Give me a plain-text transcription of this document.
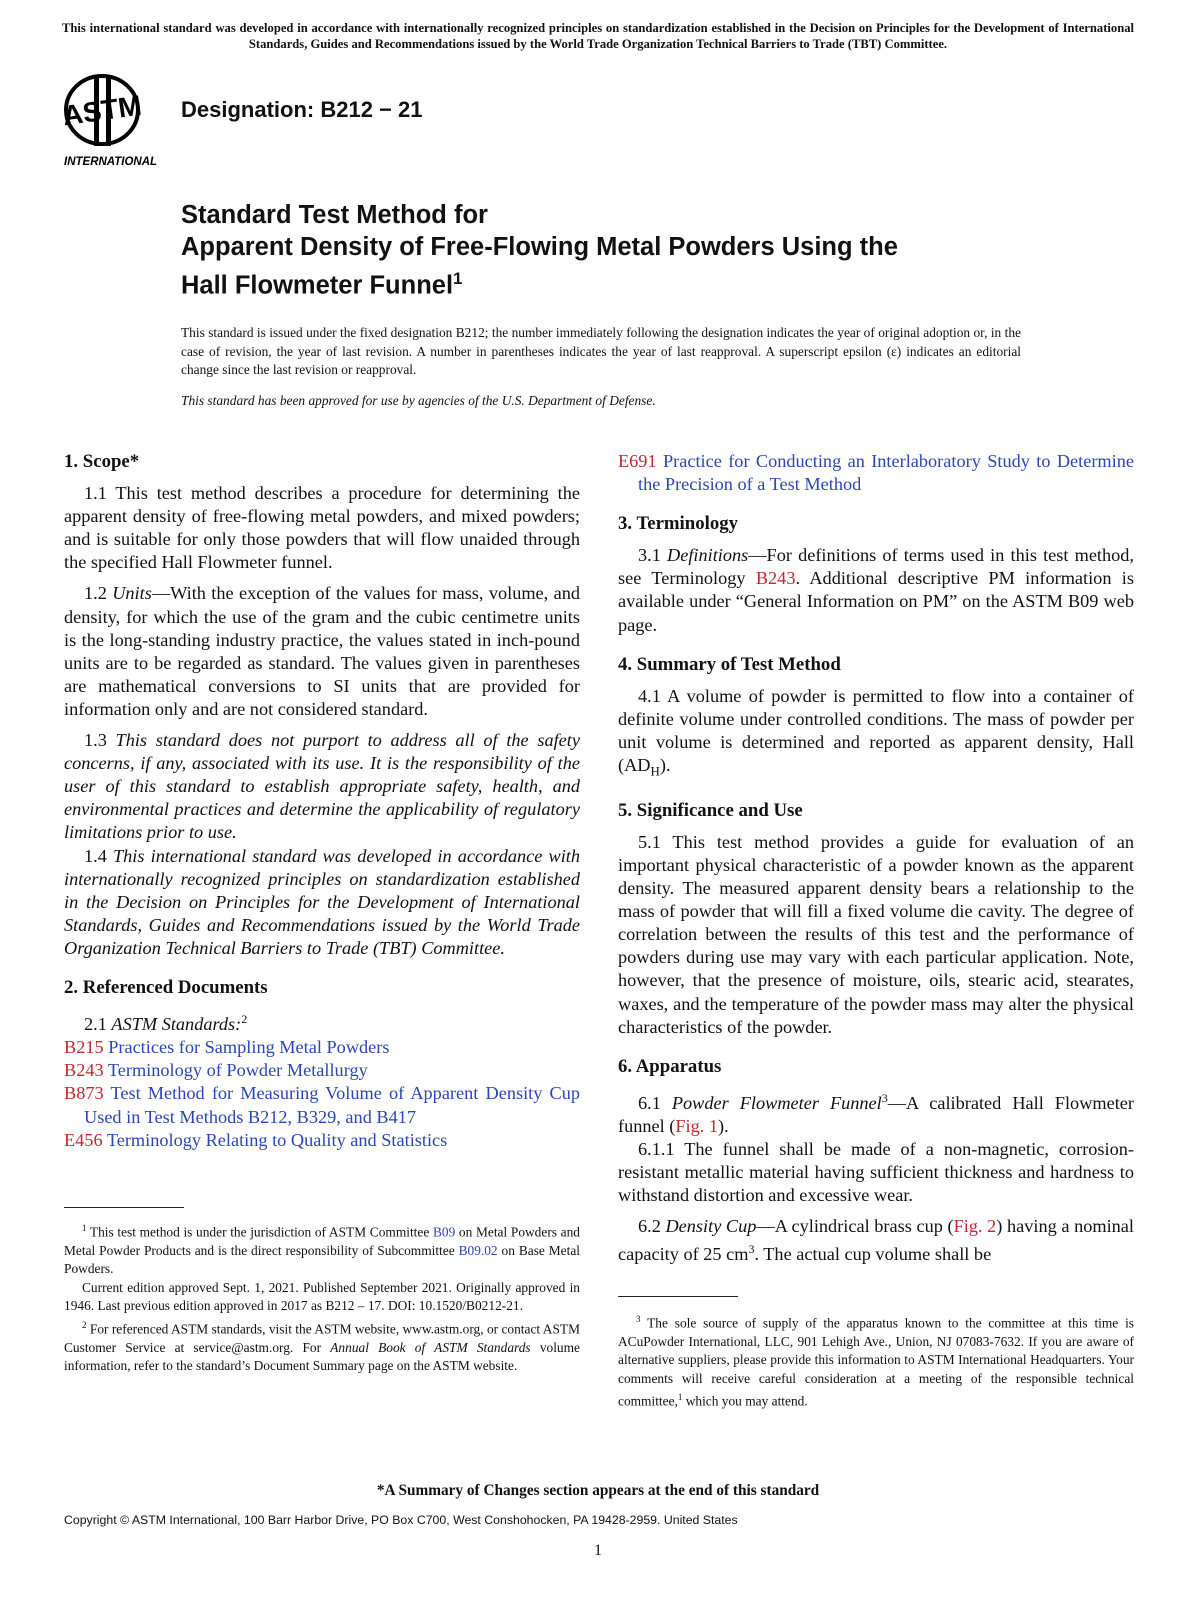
This international standard was developed in accordance with internationally recognized principles on standardization established in the Decision on Principles for the Development of International Standards, Guides and Recommendations issued by the World Trade Organization Technical Barriers to Trade (TBT) Committee.
ASTM
INTERNATIONAL
Designation: B212 − 21
Standard Test Method for
Apparent Density of Free-Flowing Metal Powders Using the
Hall Flowmeter Funnel$^1$

This standard is issued under the fixed designation B212; the number immediately following the designation indicates the year of original adoption or, in the case of revision, the year of last revision. A number in parentheses indicates the year of last reapproval. A superscript epsilon (ε) indicates an editorial change since the last revision or reapproval.

This standard has been approved for use by agencies of the U.S. Department of Defense.

1. Scope*

1.1 This test method describes a procedure for determining the apparent density of free-flowing metal powders, and mixed powders; and is suitable for only those powders that will flow unaided through the specified Hall Flowmeter funnel.

1.2 Units—With the exception of the values for mass, volume, and density, for which the use of the gram and the cubic centimetre units is the long-standing industry practice, the values stated in inch-pound units are to be regarded as standard. The values given in parentheses are mathematical conversions to SI units that are provided for information only and are not considered standard.

1.3 This standard does not purport to address all of the safety concerns, if any, associated with its use. It is the responsibility of the user of this standard to establish appropriate safety, health, and environmental practices and determine the applicability of regulatory limitations prior to use.

1.4 This international standard was developed in accordance with internationally recognized principles on standardization established in the Decision on Principles for the Development of International Standards, Guides and Recommendations issued by the World Trade Organization Technical Barriers to Trade (TBT) Committee.

2. Referenced Documents

2.1 ASTM Standards:$^2$

B215 Practices for Sampling Metal Powders

B243 Terminology of Powder Metallurgy

B873 Test Method for Measuring Volume of Apparent Density Cup Used in Test Methods B212, B329, and B417

E456 Terminology Relating to Quality and Statistics

$^1$ This test method is under the jurisdiction of ASTM Committee B09 on Metal Powders and Metal Powder Products and is the direct responsibility of Subcommittee B09.02 on Base Metal Powders.

Current edition approved Sept. 1, 2021. Published September 2021. Originally approved in 1946. Last previous edition approved in 2017 as B212 – 17. DOI: 10.1520/B0212-21.

$^2$ For referenced ASTM standards, visit the ASTM website, www.astm.org, or contact ASTM Customer Service at service@astm.org. For Annual Book of ASTM Standards volume information, refer to the standard’s Document Summary page on the ASTM website.

E691 Practice for Conducting an Interlaboratory Study to Determine the Precision of a Test Method

3. Terminology

3.1 Definitions—For definitions of terms used in this test method, see Terminology B243. Additional descriptive PM information is available under “General Information on PM” on the ASTM B09 web page.

4. Summary of Test Method

4.1 A volume of powder is permitted to flow into a container of definite volume under controlled conditions. The mass of powder per unit volume is determined and reported as apparent density, Hall $(AD_H)$.

5. Significance and Use

5.1 This test method provides a guide for evaluation of an important physical characteristic of a powder known as the apparent density. The measured apparent density bears a relationship to the mass of powder that will fill a fixed volume die cavity. The degree of correlation between the results of this test and the performance of powders during use may vary with each particular application. Note, however, that the presence of moisture, oils, stearic acid, stearates, waxes, and the temperature of the powder mass may alter the physical characteristics of the powder.

6. Apparatus

6.1 Powder Flowmeter Funnel$^3$—A calibrated Hall Flowmeter funnel (Fig. 1).

6.1.1 The funnel shall be made of a non-magnetic, corrosion-resistant metallic material having sufficient thickness and hardness to withstand distortion and excessive wear.

6.2 Density Cup—A cylindrical brass cup (Fig. 2) having a nominal capacity of 25 $cm^3$. The actual cup volume shall be

$^3$ The sole source of supply of the apparatus known to the committee at this time is ACuPowder International, LLC, 901 Lehigh Ave., Union, NJ 07083-7632. If you are aware of alternative suppliers, please provide this information to ASTM International Headquarters. Your comments will receive careful consideration at a meeting of the responsible technical committee,$^1$ which you may attend.

*A Summary of Changes section appears at the end of this standard
Copyright © ASTM International, 100 Barr Harbor Drive, PO Box C700, West Conshohocken, PA 19428-2959. United States
1
